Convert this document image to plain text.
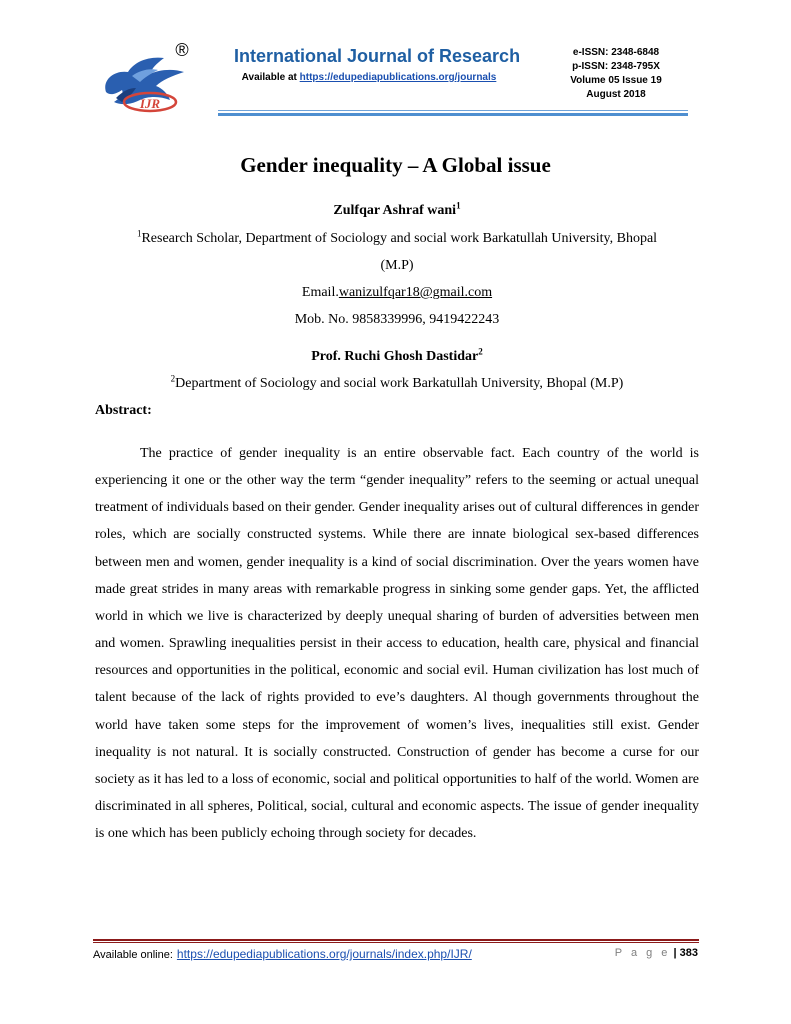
IJR
®	International Journal of Research
Available at https://edupediapublications.org/journals
e-ISSN: 2348-6848
p-ISSN: 2348-795X
Volume 05 Issue 19
August 2018
Gender inequality – A Global issue
Zulfqar Ashraf wani$^1$
$^1$Research Scholar, Department of Sociology and social work Barkatullah University, Bhopal
(M.P)
Email.wanizulfqar18@gmail.com
Mob. No. 9858339996, 9419422243
Prof. Ruchi Ghosh Dastidar$^2$
$^2$Department of Sociology and social work Barkatullah University, Bhopal (M.P)
Abstract:

The practice of gender inequality is an entire observable fact. Each country of the world is experiencing it one or the other way the term “gender inequality” refers to the seeming or actual unequal treatment of individuals based on their gender. Gender inequality arises out of cultural differences in gender roles, which are socially constructed systems. While there are innate biological sex-based differences between men and women, gender inequality is a kind of social discrimination. Over the years women have made great strides in many areas with remarkable progress in sinking some gender gaps. Yet, the afflicted world in which we live is characterized by deeply unequal sharing of burden of adversities between men and women. Sprawling inequalities persist in their access to education, health care, physical and financial resources and opportunities in the political, economic and social evil. Human civilization has lost much of talent because of the lack of rights provided to eve’s daughters. Al though governments throughout the world have taken some steps for the improvement of women’s lives, inequalities still exist. Gender inequality is not natural. It is socially constructed. Construction of gender has become a curse for our society as it has led to a loss of economic, social and political opportunities to half of the world. Women are discriminated in all spheres, Political, social, cultural and economic aspects. The issue of gender inequality is one which has been publicly echoing through society for decades.

Available online: https://edupediapublications.org/journals/index.php/IJR/	P a g e | 383
